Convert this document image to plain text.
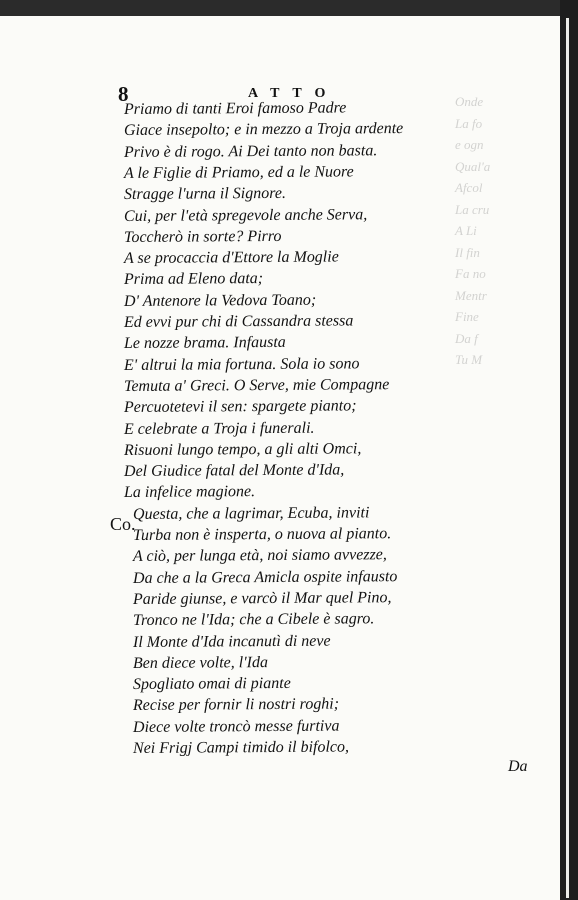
Onde
La fo
e ogn
Qual'a
Afcol
La cru
A Li
Il fin
Fa no
Mentr
Fine
Da f
Tu M
8	ATTO
Priamo di tanti Eroi famoso Padre
Giace insepolto; e in mezzo a Troja ardente
Privo è di rogo. Ai Dei tanto non basta.
A le Figlie di Priamo, ed a le Nuore
Stragge l'urna il Signore.
Cui, per l'età spregevole anche Serva,
Toccherò in sorte? Pirro
A se procaccia d'Ettore la Moglie
Prima ad Eleno data;
D' Antenore la Vedova Toano;
Ed evvi pur chi di Cassandra stessa
Le nozze brama. Infausta
E' altrui la mia fortuna. Sola io sono
Temuta a' Greci. O Serve, mie Compagne
Percuotetevi il sen: spargete pianto;
E celebrate a Troja i funerali.
Risuoni lungo tempo, a gli alti Omci,
Del Giudice fatal del Monte d'Ida,
La infelice magione.
Questa, che a lagrimar, Ecuba, inviti
Turba non è insperta, o nuova al pianto.
A ciò, per lunga età, noi siamo avvezze,
Da che a la Greca Amicla ospite infausto
Paride giunse, e varcò il Mar quel Pino,
Tronco ne l'Ida; che a Cibele è sagro.
Il Monte d'Ida incanutì di neve
Ben diece volte, l'Ida
Spogliato omai di piante
Recise per fornir li nostri roghi;
Diece volte troncò messe furtiva
Nei Frigj Campi timido il bifolco,
Co.
Da
